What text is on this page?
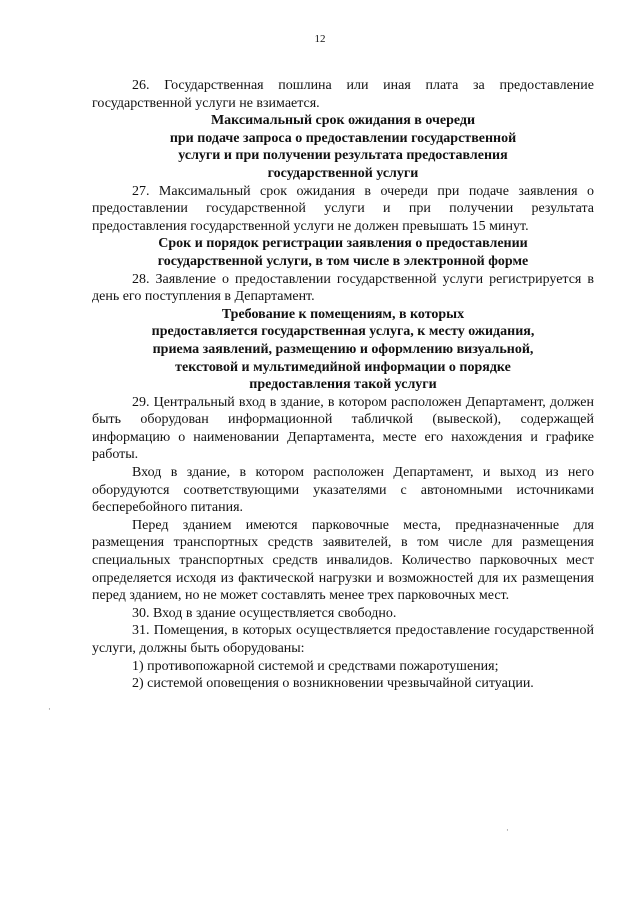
12

26. Государственная пошлина или иная плата за предоставление государственной услуги не взимается.

Максимальный срок ожидания в очереди
при подаче запроса о предоставлении государственной
услуги и при получении результата предоставления
государственной услуги

27. Максимальный срок ожидания в очереди при подаче заявления о предоставлении государственной услуги и при получении результата предоставления государственной услуги не должен превышать 15 минут.

Срок и порядок регистрации заявления о предоставлении
государственной услуги, в том числе в электронной форме

28. Заявление о предоставлении государственной услуги регистрируется в день его поступления в Департамент.

Требование к помещениям, в которых
предоставляется государственная услуга, к месту ожидания,
приема заявлений, размещению и оформлению визуальной,
текстовой и мультимедийной информации о порядке
предоставления такой услуги

29. Центральный вход в здание, в котором расположен Департамент, должен быть оборудован информационной табличкой (вывеской), содержащей информацию о наименовании Департамента, месте его нахождения и графике работы.

Вход в здание, в котором расположен Департамент, и выход из него оборудуются соответствующими указателями с автономными источниками бесперебойного питания.

Перед зданием имеются парковочные места, предназначенные для размещения транспортных средств заявителей, в том числе для размещения специальных транспортных средств инвалидов. Количество парковочных мест определяется исходя из фактической нагрузки и возможностей для их размещения перед зданием, но не может составлять менее трех парковочных мест.

30. Вход в здание осуществляется свободно.

31. Помещения, в которых осуществляется предоставление государственной услуги, должны быть оборудованы:

1) противопожарной системой и средствами пожаротушения;

2) системой оповещения о возникновении чрезвычайной ситуации.

·
·
